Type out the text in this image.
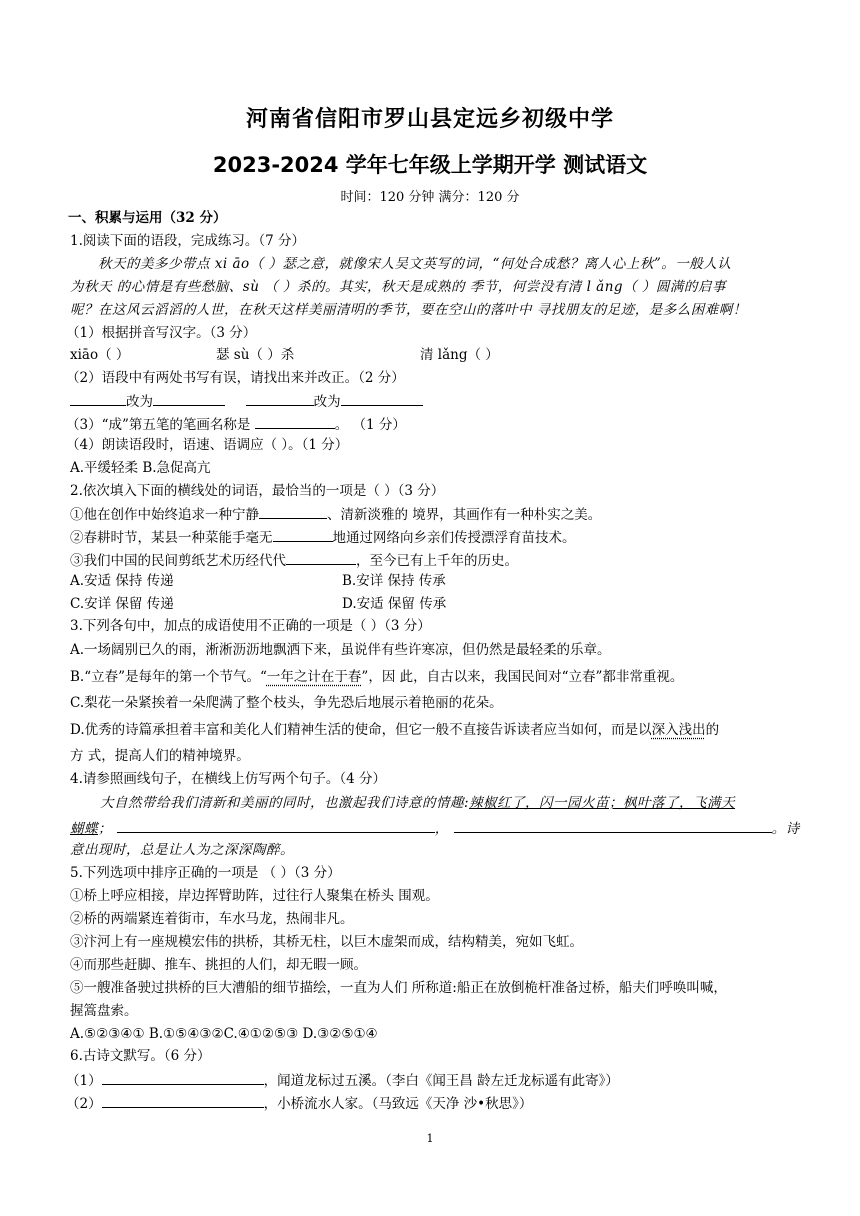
河南省信阳市罗山县定远乡初级中学
2023-2024 学年七年级上学期开学 测试语文
时间：120 分钟 满分：120 分
一、积累与运用（32 分）
1.阅读下面的语段，完成练习。（7 分）
秋天的美多少带点 xi āo（ ）瑟之意，就像宋人吴文英写的词，“何处合成愁？离人心上秋”。一般人认
为秋天 的心情是有些愁脑、sù （ ）杀的。其实，秋天是成熟的 季节，何尝没有清 l ǎng（ ）圆满的启事
呢？在这风云滔滔的人世，在秋天这样美丽清明的季节，要在空山的落叶中 寻找朋友的足迹，是多么困难啊！
（1）根据拼音写汉字。（3 分）
xiāo（ ）	瑟 sù（ ）杀	清 lǎng（ ）
（2）语段中有两处书写有误，请找出来并改正。（2 分）
改为	改为
（3）“成”第五笔的笔画名称是	。 （1 分）
（4）朗读语段时，语速、语调应（ ）。（1 分）
A.平缓轻柔 B.急促高亢
2.依次填入下面的横线处的词语，最恰当的一项是（ ）（3 分）
①他在创作中始终追求一种宁静	、清新淡雅的 境界，其画作有一种朴实之美。
②春耕时节，某县一种菜能手毫无	地通过网络向乡亲们传授漂浮育苗技术。
③我们中国的民间剪纸艺术历经代代	，至今已有上千年的历史。
A.安适 保持 传递	B.安详 保持 传承
C.安详 保留 传递	D.安适 保留 传承
3.下列各句中，加点的成语使用不正确的一项是（ ）（3 分）
A.一场阔别已久的雨，淅淅沥沥地飘洒下来，虽说伴有些许寒凉，但仍然是最轻柔的乐章。
B.“立春”是每年的第一个节气。“一年之计在于春”，因 此，自古以来，我国民间对“立春”都非常重视。
C.梨花一朵紧挨着一朵爬满了整个枝头，争先恐后地展示着艳丽的花朵。
D.优秀的诗篇承担着丰富和美化人们精神生活的使命，但它一般不直接告诉读者应当如何，而是以深入浅出的
方 式，提高人们的精神境界。
4.请参照画线句子，在横线上仿写两个句子。（4 分）
大自然带给我们清新和美丽的同时，也激起我们诗意的情趣:辣椒红了，闪一园火苗；枫叶落了，飞满天
蝴蝶；	，	。诗
意出现时，总是让人为之深深陶醉。
5.下列选项中排序正确的一项是 （ ）（3 分）
①桥上呼应相接，岸边挥臂助阵，过往行人聚集在桥头 围观。
②桥的两端紧连着街市，车水马龙，热闹非凡。
③汴河上有一座规模宏伟的拱桥，其桥无柱，以巨木虚架而成，结构精美，宛如飞虹。
④而那些赶脚、推车、挑担的人们，却无暇一顾。
⑤一艘准备驶过拱桥的巨大漕船的细节描绘，一直为人们 所称道:船正在放倒桅杆准备过桥，船夫们呼唤叫喊，
握篙盘索。
A.⑤②③④① B.①⑤④③②C.④①②⑤③ D.③②⑤①④
6.古诗文默写。（6 分）
（1）	，闻道龙标过五溪。（李白《闻王昌 龄左迁龙标遥有此寄》）
（2）	，小桥流水人家。（马致远《天净 沙•秋思》）
1
